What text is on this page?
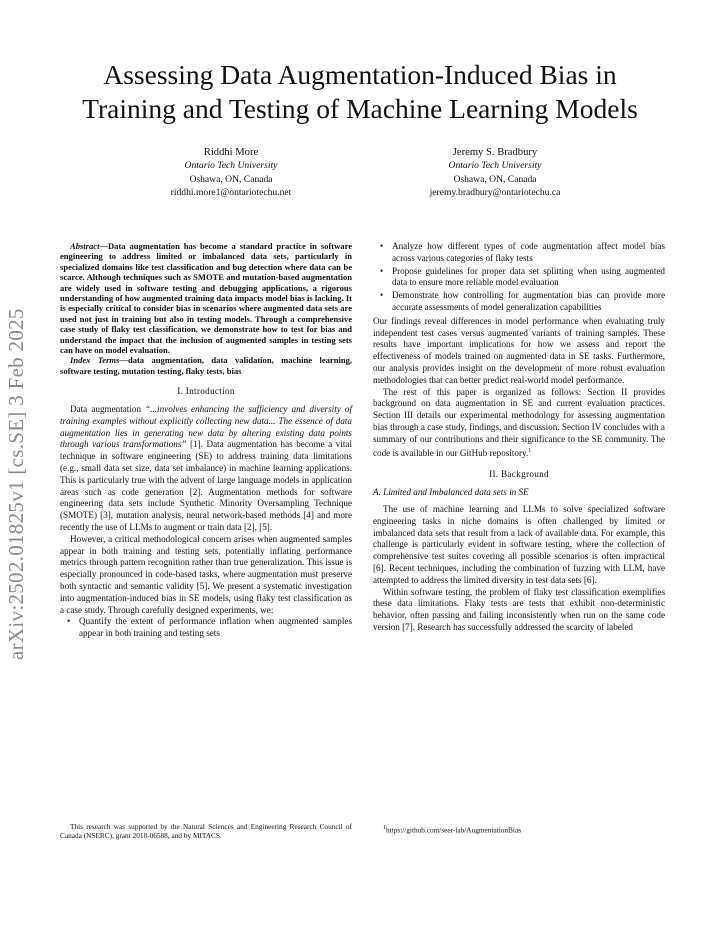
Assessing Data Augmentation-Induced Bias in
Training and Testing of Machine Learning Models
Riddhi More
Ontario Tech University
Oshawa, ON, Canada
riddhi.more1@ontariotechu.net
Jeremy S. Bradbury
Ontario Tech University
Oshawa, ON, Canada
jeremy.bradbury@ontariotechu.ca
arXiv:2502.01825v1 [cs.SE] 3 Feb 2025

Abstract—Data augmentation has become a standard practice in software engineering to address limited or imbalanced data sets, particularly in specialized domains like test classification and bug detection where data can be scarce. Although techniques such as SMOTE and mutation-based augmentation are widely used in software testing and debugging applications, a rigorous understanding of how augmented training data impacts model bias is lacking. It is especially critical to consider bias in scenarios where augmented data sets are used not just in training but also in testing models. Through a comprehensive case study of flaky test classification, we demonstrate how to test for bias and understand the impact that the inclusion of augmented samples in testing sets can have on model evaluation.

Index Terms—data augmentation, data validation, machine learning, software testing, mutation testing, flaky tests, bias

I. Introduction

Data augmentation “...involves enhancing the sufficiency and diversity of training examples without explicitly collecting new data... The essence of data augmentation lies in generating new data by altering existing data points through various transformations” [1]. Data augmentation has become a vital technique in software engineering (SE) to address training data limitations (e.g., small data set size, data set imbalance) in machine learning applications. This is particularly true with the advent of large language models in application areas such as code generation [2]. Augmentation methods for software engineering data sets include Synthetic Minority Oversampling Technique (SMOTE) [3], mutation analysis, neural network-based methods [4] and more recently the use of LLMs to augment or train data [2], [5].

However, a critical methodological concern arises when augmented samples appear in both training and testing sets, potentially inflating performance metrics through pattern recognition rather than true generalization. This issue is especially pronounced in code-based tasks, where augmentation must preserve both syntactic and semantic validity [5]. We present a systematic investigation into augmentation-induced bias in SE models, using flaky test classification as a case study. Through carefully designed experiments, we:

• Quantify the extent of performance inflation when augmented samples appear in both training and testing sets
• Analyze how different types of code augmentation affect model bias across various categories of flaky tests
• Propose guidelines for proper data set splitting when using augmented data to ensure more reliable model evaluation
• Demonstrate how controlling for augmentation bias can provide more accurate assessments of model generalization capabilities

Our findings reveal differences in model performance when evaluating truly independent test cases versus augmented variants of training samples. These results have important implications for how we assess and report the effectiveness of models trained on augmented data in SE tasks. Furthermore, our analysis provides insight on the development of more robust evaluation methodologies that can better predict real-world model performance.

The rest of this paper is organized as follows: Section II provides background on data augmentation in SE and current evaluation practices. Section III details our experimental methodology for assessing augmentation bias through a case study, findings, and discussion. Section IV concludes with a summary of our contributions and their significance to the SE community. The code is available in our GitHub repository.$^1$

II. Background
A. Limited and Imbalanced data sets in SE

The use of machine learning and LLMs to solve specialized software engineering tasks in niche domains is often challenged by limited or imbalanced data sets that result from a lack of available data. For example, this challenge is particularly evident in software testing, where the collection of comprehensive test suites covering all possible scenarios is often impractical [6]. Recent techniques, including the combination of fuzzing with LLM, have attempted to address the limited diversity in test data sets [6].

Within software testing, the problem of flaky test classification exemplifies these data limitations. Flaky tests are tests that exhibit non-deterministic behavior, often passing and failing inconsistently when run on the same code version [7]. Research has successfully addressed the scarcity of labeled

This research was supported by the Natural Sciences and Engineering Research Council of Canada (NSERC), grant 2018-06588, and by MITACS.
$^1$https://github.com/seer-lab/AugmentationBias
